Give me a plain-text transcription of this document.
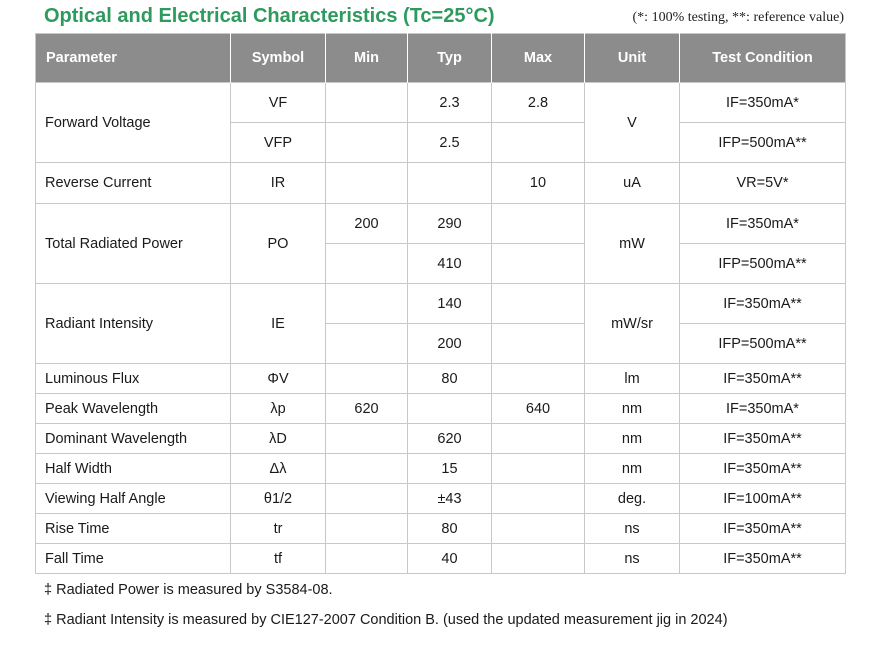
Optical and Electrical Characteristics (Tc=25°C)	(*: 100% testing, **: reference value)
Parameter	Symbol	Min	Typ	Max	Unit	Test Condition
Forward Voltage	VF		2.3	2.8	V	IF=350mA*
	VFP		2.5			IFP=500mA**
Reverse Current	IR			10	uA	VR=5V*
Total Radiated Power	PO	200	290		mW	IF=350mA*
			410			IFP=500mA**
Radiant Intensity	IE		140		mW/sr	IF=350mA**
			200			IFP=500mA**
Luminous Flux	ΦV		80		lm	IF=350mA**
Peak Wavelength	λp	620		640	nm	IF=350mA*
Dominant Wavelength	λD		620		nm	IF=350mA**
Half Width	Δλ		15		nm	IF=350mA**
Viewing Half Angle	θ1/2		±43		deg.	IF=100mA**
Rise Time	tr		80		ns	IF=350mA**
Fall Time	tf		40		ns	IF=350mA**
‡ Radiated Power is measured by S3584-08.
‡ Radiant Intensity is measured by CIE127-2007 Condition B. (used the updated measurement jig in 2024)
